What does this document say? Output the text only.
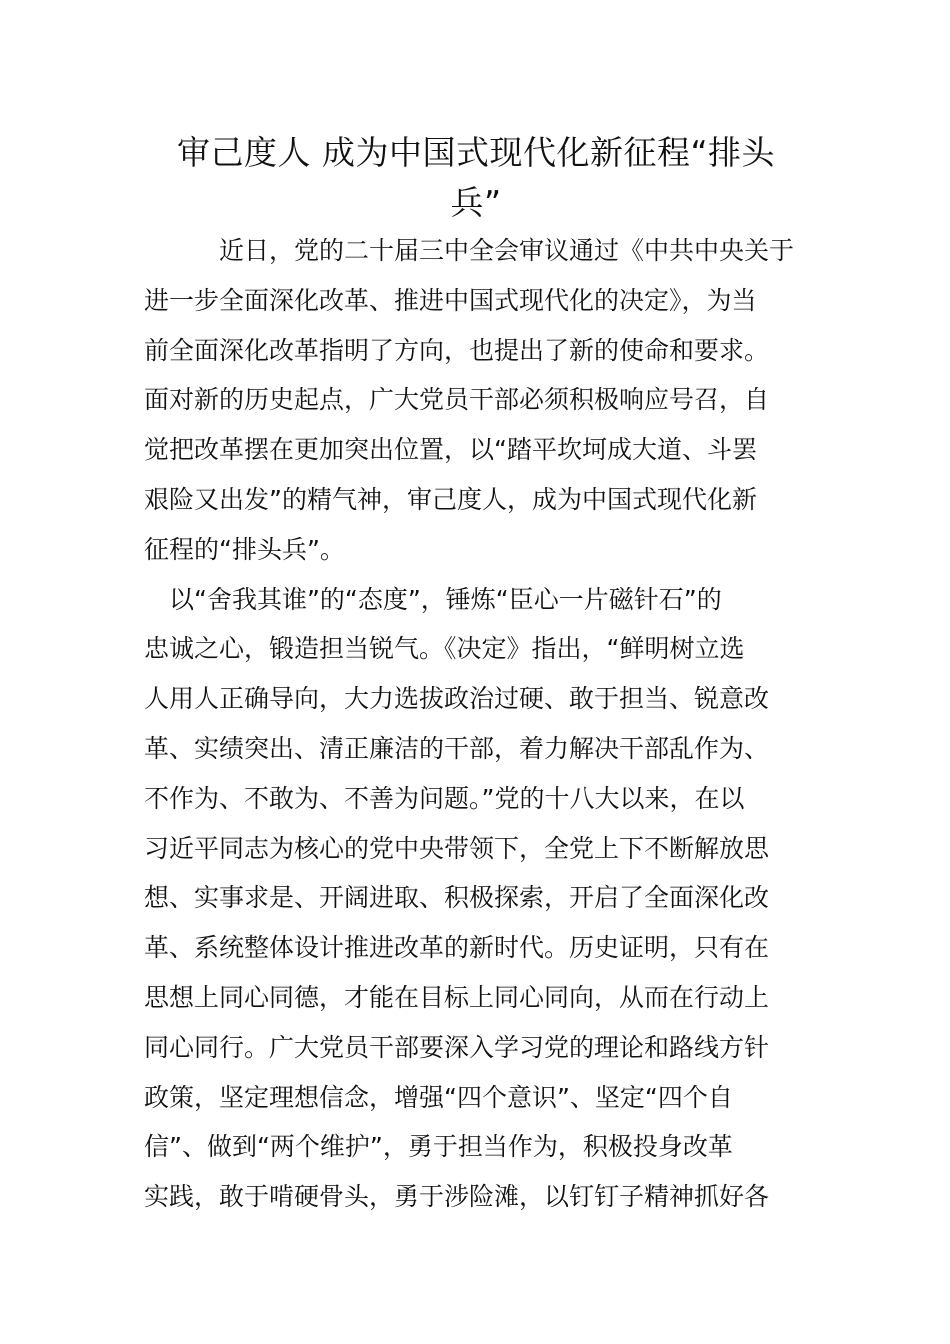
审己度人 成为中国式现代化新征程“排头
兵”
近日，党的二十届三中全会审议通过《中共中央关于
进一步全面深化改革、推进中国式现代化的决定》，为当
前全面深化改革指明了方向，也提出了新的使命和要求。
面对新的历史起点，广大党员干部必须积极响应号召，自
觉把改革摆在更加突出位置，以“踏平坎坷成大道、斗罢
艰险又出发”的精气神，审己度人，成为中国式现代化新
征程的“排头兵”。
以“舍我其谁”的“态度”，锤炼“臣心一片磁针石”的
忠诚之心，锻造担当锐气。《决定》指出，“鲜明树立选
人用人正确导向，大力选拔政治过硬、敢于担当、锐意改
革、实绩突出、清正廉洁的干部，着力解决干部乱作为、
不作为、不敢为、不善为问题。”党的十八大以来，在以
习近平同志为核心的党中央带领下，全党上下不断解放思
想、实事求是、开阔进取、积极探索，开启了全面深化改
革、系统整体设计推进改革的新时代。历史证明，只有在
思想上同心同德，才能在目标上同心同向，从而在行动上
同心同行。广大党员干部要深入学习党的理论和路线方针
政策，坚定理想信念，增强“四个意识”、坚定“四个自
信”、做到“两个维护”，勇于担当作为，积极投身改革
实践，敢于啃硬骨头，勇于涉险滩，以钉钉子精神抓好各
